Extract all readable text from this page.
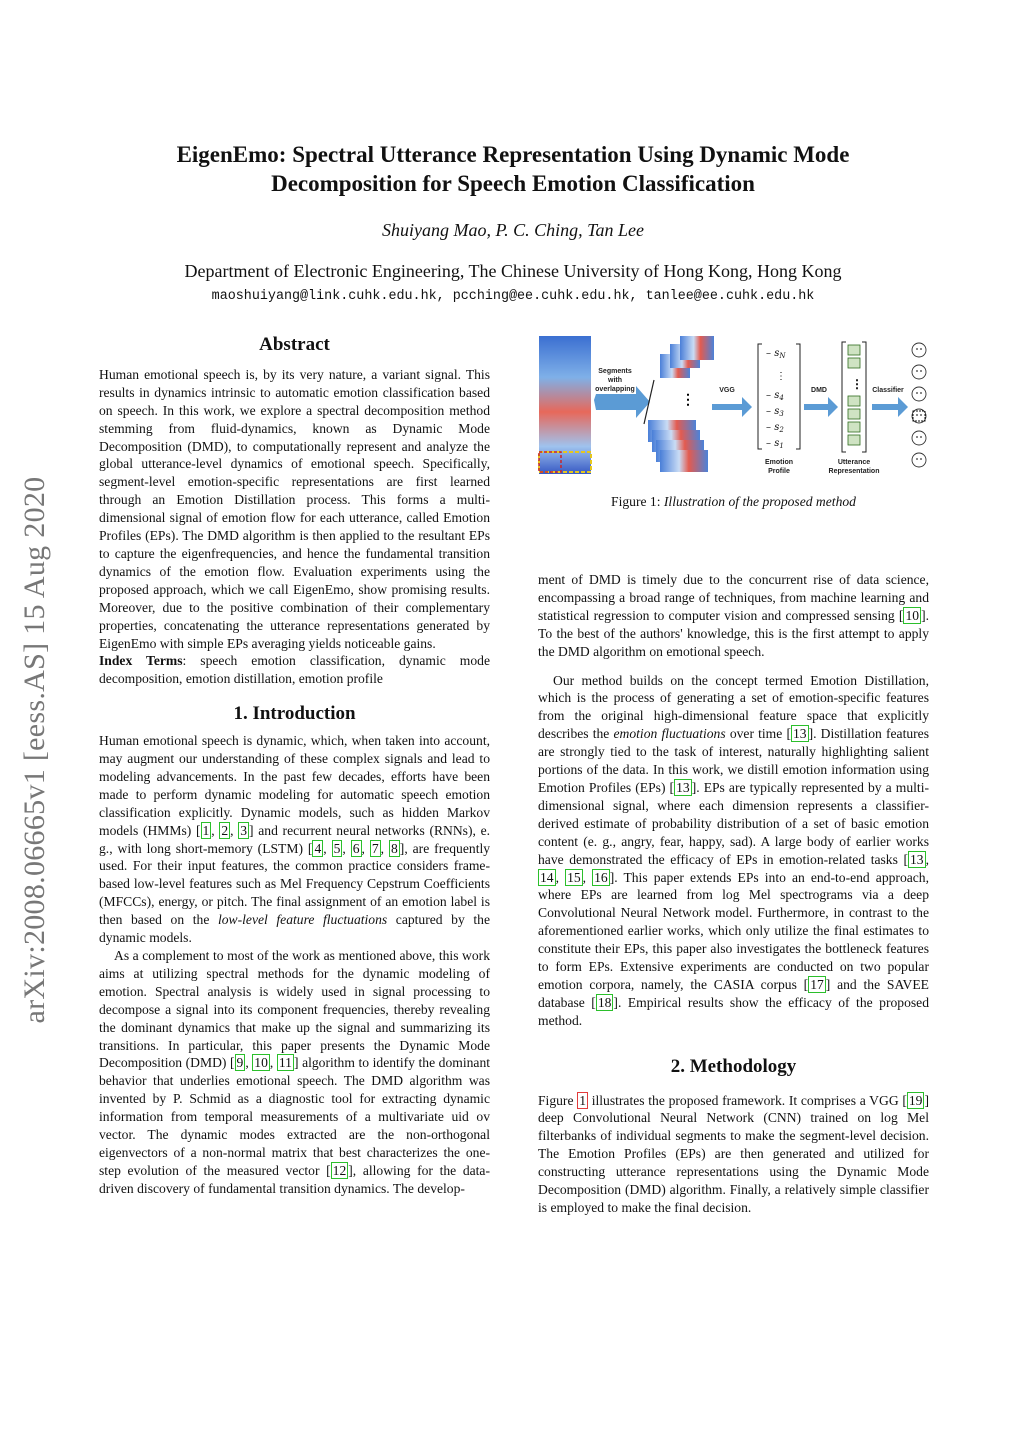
arXiv:2008.06665v1 [eess.AS] 15 Aug 2020
EigenEmo: Spectral Utterance Representation Using Dynamic Mode
Decomposition for Speech Emotion Classification
Shuiyang Mao, P. C. Ching, Tan Lee
Department of Electronic Engineering, The Chinese University of Hong Kong, Hong Kong
maoshuiyang@link.cuhk.edu.hk, pcching@ee.cuhk.edu.hk, tanlee@ee.cuhk.edu.hk
Abstract

Human emotional speech is, by its very nature, a variant signal. This results in dynamics intrinsic to automatic emotion classification based on speech. In this work, we explore a spectral decomposition method stemming from fluid-dynamics, known as Dynamic Mode Decomposition (DMD), to computationally represent and analyze the global utterance-level dynamics of emotional speech. Specifically, segment-level emotion-specific representations are first learned through an Emotion Distillation process. This forms a multi-dimensional signal of emotion flow for each utterance, called Emotion Profiles (EPs). The DMD algorithm is then applied to the resultant EPs to capture the eigenfrequencies, and hence the fundamental transition dynamics of the emotion flow. Evaluation experiments using the proposed approach, which we call EigenEmo, show promising results. Moreover, due to the positive combination of their complementary properties, concatenating the utterance representations generated by EigenEmo with simple EPs averaging yields noticeable gains.

Index Terms: speech emotion classification, dynamic mode decomposition, emotion distillation, emotion profile

1. Introduction

Human emotional speech is dynamic, which, when taken into account, may augment our understanding of these complex signals and lead to modeling advancements. In the past few decades, efforts have been made to perform dynamic modeling for automatic speech emotion classification explicitly. Dynamic models, such as hidden Markov models (HMMs) [ 1 , 2 , 3 ] and recurrent neural networks (RNNs), e. g., with long short-memory (LSTM) [ 4 , 5 , 6 , 7 , 8 ], are frequently used. For their input features, the common practice considers frame-based low-level features such as Mel Frequency Cepstrum Coefficients (MFCCs), energy, or pitch. The final assignment of an emotion label is then based on the low-level feature fluctuations captured by the dynamic models.

As a complement to most of the work as mentioned above, this work aims at utilizing spectral methods for the dynamic modeling of emotion. Spectral analysis is widely used in signal processing to decompose a signal into its component frequencies, thereby revealing the dominant dynamics that make up the signal and summarizing its transitions. In particular, this paper presents the Dynamic Mode Decomposition (DMD) [ 9 , 10 , 11 ] algorithm to identify the dominant behavior that underlies emotional speech. The DMD algorithm was invented by P. Schmid as a diagnostic tool for extracting dynamic information from temporal measurements of a multivariate uid ov vector. The dynamic modes extracted are the non-orthogonal eigenvectors of a non-normal matrix that best characterizes the one-step evolution of the measured vector [ 12 ], allowing for the data-driven discovery of fundamental transition dynamics. The develop-

Segments
with
overlapping
⋮
VGG
– $s_N$
⋮
– $s_4$
– $s_3$
– $s_2$
– $s_1$
Emotion
Profile
DMD ⋮
Utterance
Representation
Classifier
Figure 1: Illustration of the proposed method

ment of DMD is timely due to the concurrent rise of data science, encompassing a broad range of techniques, from machine learning and statistical regression to computer vision and compressed sensing [ 10 ]. To the best of the authors' knowledge, this is the first attempt to apply the DMD algorithm on emotional speech.

Our method builds on the concept termed Emotion Distillation, which is the process of generating a set of emotion-specific features from the original high-dimensional feature space that explicitly describes the emotion fluctuations over time [ 13 ]. Distillation features are strongly tied to the task of interest, naturally highlighting salient portions of the data. In this work, we distill emotion information using Emotion Profiles (EPs) [ 13 ]. EPs are typically represented by a multi-dimensional signal, where each dimension represents a classifier-derived estimate of probability distribution of a set of basic emotion content (e. g., angry, fear, happy, sad). A large body of earlier works have demonstrated the efficacy of EPs in emotion-related tasks [ 13 , 14 , 15 , 16 ]. This paper extends EPs into an end-to-end approach, where EPs are learned from log Mel spectrograms via a deep Convolutional Neural Network model. Furthermore, in contrast to the aforementioned earlier works, which only utilize the final estimates to constitute their EPs, this paper also investigates the bottleneck features to form EPs. Extensive experiments are conducted on two popular emotion corpora, namely, the CASIA corpus [ 17 ] and the SAVEE database [ 18 ]. Empirical results show the efficacy of the proposed method.

2. Methodology

Figure 1 illustrates the proposed framework. It comprises a VGG [ 19 ] deep Convolutional Neural Network (CNN) trained on log Mel filterbanks of individual segments to make the segment-level decision. The Emotion Profiles (EPs) are then generated and utilized for constructing utterance representations using the Dynamic Mode Decomposition (DMD) algorithm. Finally, a relatively simple classifier is employed to make the final decision.
